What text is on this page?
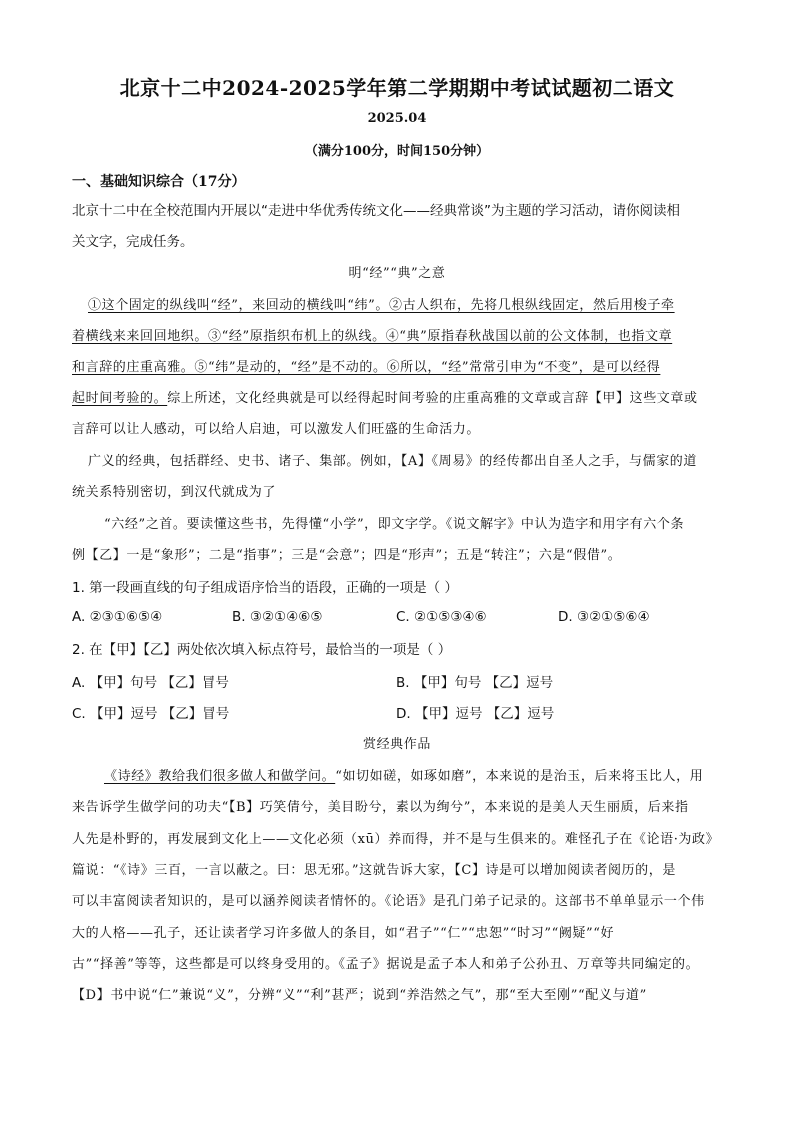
北京十二中2024-2025学年第二学期期中考试试题初二语文
2025.04
（满分100分，时间150分钟）
一、基础知识综合（17分）
北京十二中在全校范围内开展以“走进中华优秀传统文化——经典常谈”为主题的学习活动，请你阅读相
关文字，完成任务。
明“经”“典”之意
①这个固定的纵线叫“经”，来回动的横线叫“纬”。②古人织布，先将几根纵线固定，然后用梭子牵
着横线来来回回地织。③“经”原指织布机上的纵线。④“典”原指春秋战国以前的公文体制，也指文章
和言辞的庄重高雅。⑤“纬”是动的，“经”是不动的。⑥所以，“经”常常引申为“不变”，是可以经得
起时间考验的。综上所述，文化经典就是可以经得起时间考验的庄重高雅的文章或言辞【甲】这些文章或
言辞可以让人感动，可以给人启迪，可以激发人们旺盛的生命活力。
广义的经典，包括群经、史书、诸子、集部。例如，【A】《周易》的经传都出自圣人之手，与儒家的道
统关系特别密切，到汉代就成为了
“六经”之首。要读懂这些书，先得懂“小学”，即文字学。《说文解字》中认为造字和用字有六个条
例【乙】一是“象形”；二是“指事”；三是“会意”；四是“形声”；五是“转注”；六是“假借”。
1. 第一段画直线的句子组成语序恰当的语段，正确的一项是（ ）
A. ②③①⑥⑤④	B. ③②①④⑥⑤	C. ②①⑤③④⑥	D. ③②①⑤⑥④
2. 在【甲】【乙】两处依次填入标点符号，最恰当的一项是（ ）
A. 【甲】句号 【乙】冒号	B. 【甲】句号 【乙】逗号
C. 【甲】逗号 【乙】冒号	D. 【甲】逗号 【乙】逗号
赏经典作品
《诗经》教给我们很多做人和做学问。“如切如磋，如琢如磨”，本来说的是治玉，后来将玉比人，用
来告诉学生做学问的功夫“【B】巧笑倩兮，美目盼兮，素以为绚兮”，本来说的是美人天生丽质，后来指
人先是朴野的，再发展到文化上——文化必须（xū）养而得，并不是与生俱来的。难怪孔子在《论语·为政》
篇说：“《诗》三百，一言以蔽之。曰：思无邪。”这就告诉大家，【C】诗是可以增加阅读者阅历的，是
可以丰富阅读者知识的，是可以涵养阅读者情怀的。《论语》是孔门弟子记录的。这部书不单单显示一个伟
大的人格——孔子，还让读者学习许多做人的条目，如“君子”“仁”“忠恕”“时习”“阙疑”“好
古”“择善”等等，这些都是可以终身受用的。《孟子》据说是孟子本人和弟子公孙丑、万章等共同编定的。
【D】书中说“仁”兼说“义”，分辨“义”“利”甚严；说到“养浩然之气”，那“至大至刚”“配义与道”
